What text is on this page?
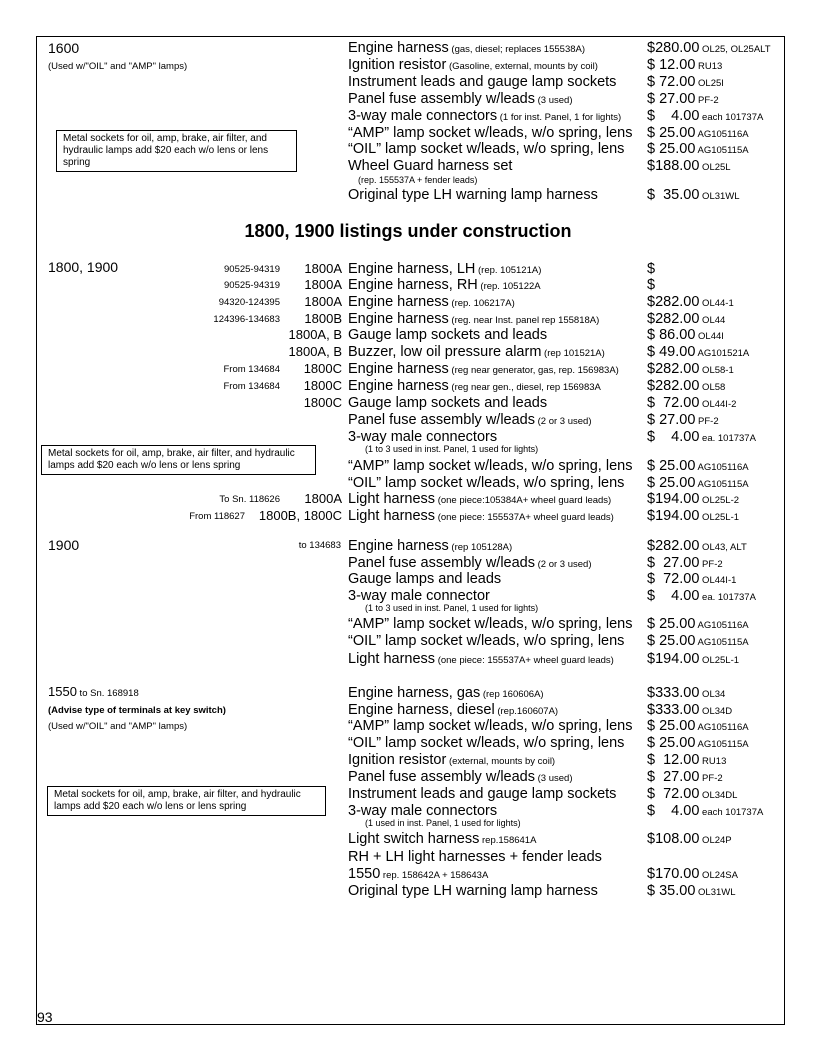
1600
(Used w/"OIL" and "AMP" lamps)
Metal sockets for oil, amp, brake, air filter, and hydraulic lamps add $20 each w/o lens or lens spring
Engine harness (gas, diesel; replaces 155538A)	$280.00 OL25, OL25ALT
Ignition resistor (Gasoline, external, mounts by coil)	$ 12.00 RU13
Instrument leads and gauge lamp sockets $ 72.00 OL25I
Panel fuse assembly w/leads (3 used)	$ 27.00 PF-2
3-way male connectors (1 for inst. Panel, 1 for lights) $    4.00 each 101737A
“AMP” lamp socket w/leads, w/o spring, lens $ 25.00 AG105116A
“OIL” lamp socket w/leads, w/o spring, lens $ 25.00 AG105115A
Wheel Guard harness set	$188.00 OL25L
Original type LH warning lamp harness	$  35.00 OL31WL
(rep. 155537A + fender leads)
1800, 1900 listings under construction
1800, 1900
Metal sockets for oil, amp, brake, air filter, and hydraulic lamps add $20 each w/o lens or lens spring
90525-94319	1800A Engine harness, LH (rep. 105121A)	$
90525-94319	1800A Engine harness, RH (rep. 105122A	$
94320-124395	1800A Engine harness (rep. 106217A)	$282.00 OL44-1
124396-134683	1800B Engine harness (reg. near Inst. panel rep 155818A)	$282.00 OL44
1800A, B Gauge lamp sockets and leads	$ 86.00 OL44I
1800A, B Buzzer, low oil pressure alarm (rep 101521A)	$ 49.00 AG101521A
From 134684	1800C Engine harness (reg near generator, gas, rep. 156983A) $282.00 OL58-1
From 134684	1800C Engine harness (reg near gen., diesel, rep 156983A	$282.00 OL58
1800C Gauge lamp sockets and leads	$  72.00 OL44I-2
Panel fuse assembly w/leads (2 or 3 used)	$ 27.00 PF-2
3-way male connectors	$    4.00 ea. 101737A
“AMP” lamp socket w/leads, w/o spring, lens $ 25.00 AG105116A
“OIL” lamp socket w/leads, w/o spring, lens $ 25.00 AG105115A
To Sn. 118626	1800A Light harness (one piece:105384A+ wheel guard leads) $194.00 OL25L-2
From 118627	1800B, 1800C Light harness (one piece: 155537A+ wheel guard leads) $194.00 OL25L-1
(1 to 3 used in inst. Panel, 1 used for lights)
1900	to 134683 Engine harness (rep 105128A)	$282.00 OL43, ALT
Panel fuse assembly w/leads (2 or 3 used)	$  27.00 PF-2
Gauge lamps and leads	$  72.00 OL44I-1
3-way male connector	$    4.00 ea. 101737A
“AMP” lamp socket w/leads, w/o spring, lens $ 25.00 AG105116A
“OIL” lamp socket w/leads, w/o spring, lens $ 25.00 AG105115A
Light harness (one piece: 155537A+ wheel guard leads) $194.00 OL25L-1
(1 to 3 used in inst. Panel, 1 used for lights)
1550 to Sn. 168918
(Advise type of terminals at key switch)
(Used w/"OIL" and "AMP" lamps)
Metal sockets for oil, amp, brake, air filter, and hydraulic lamps add $20 each w/o lens or lens spring
Engine harness, gas (rep 160606A)	$333.00 OL34
Engine harness, diesel (rep.160607A)	$333.00 OL34D
“AMP” lamp socket w/leads, w/o spring, lens $ 25.00 AG105116A
“OIL” lamp socket w/leads, w/o spring, lens $ 25.00 AG105115A
Ignition resistor (external, mounts by coil)	$  12.00 RU13
Panel fuse assembly w/leads (3 used)	$  27.00 PF-2
Instrument leads and gauge lamp sockets $  72.00 OL34DL
3-way male connectors	$    4.00 each 101737A
Light switch harness rep.158641A	$108.00 OL24P
RH + LH light harnesses + fender leads
1550 rep. 158642A + 158643A	$170.00 OL24SA
Original type LH warning lamp harness	$ 35.00 OL31WL
(1 used in inst. Panel, 1 used for lights)
93
